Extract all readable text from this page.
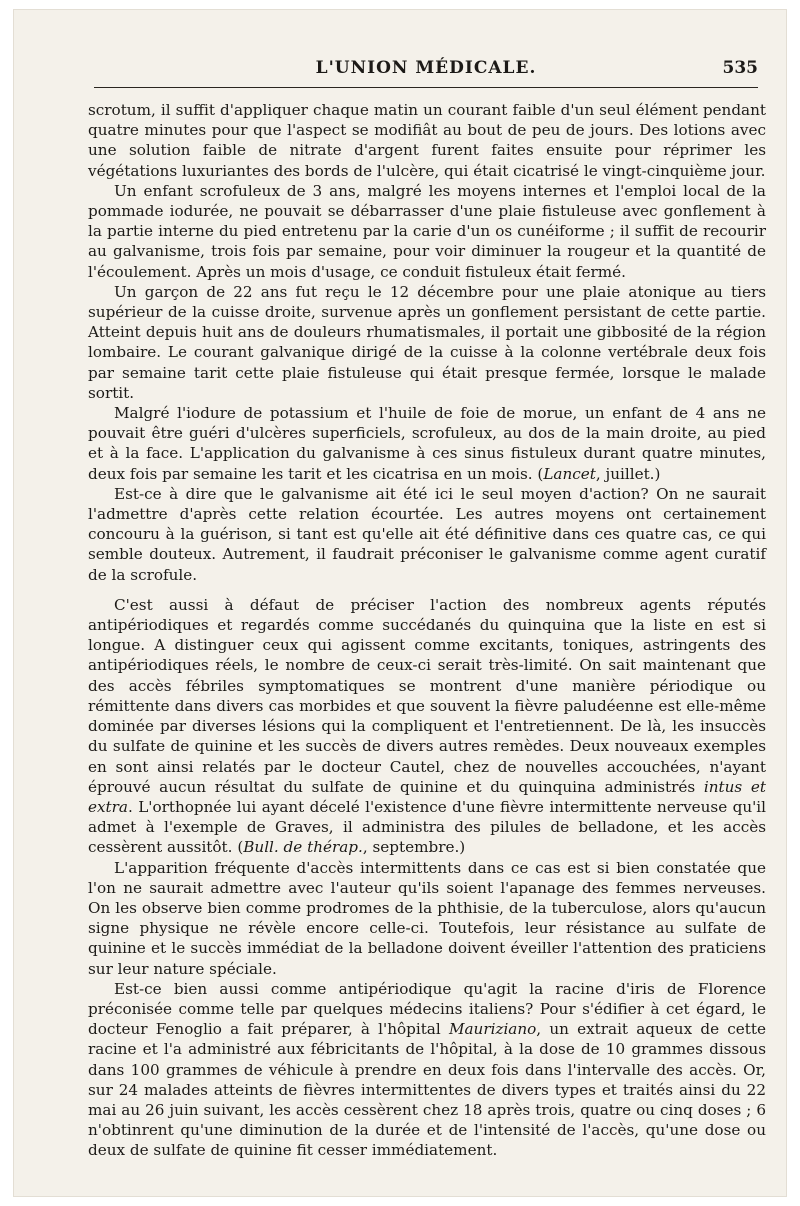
L'UNION MÉDICALE.	535

scrotum, il suffit d'appliquer chaque matin un courant faible d'un seul élément pendant quatre minutes pour que l'aspect se modifiât au bout de peu de jours. Des lotions avec une solution faible de nitrate d'argent furent faites ensuite pour réprimer les végétations luxuriantes des bords de l'ulcère, qui était cicatrisé le vingt-cinquième jour.

Un enfant scrofuleux de 3 ans, malgré les moyens internes et l'emploi local de la pommade iodurée, ne pouvait se débarrasser d'une plaie fistuleuse avec gonflement à la partie interne du pied entretenu par la carie d'un os cunéiforme ; il suffit de recourir au galvanisme, trois fois par semaine, pour voir diminuer la rougeur et la quantité de l'écoulement. Après un mois d'usage, ce conduit fistuleux était fermé.

Un garçon de 22 ans fut reçu le 12 décembre pour une plaie atonique au tiers supérieur de la cuisse droite, survenue après un gonflement persistant de cette partie. Atteint depuis huit ans de douleurs rhumatismales, il portait une gibbosité de la région lombaire. Le courant galvanique dirigé de la cuisse à la colonne vertébrale deux fois par semaine tarit cette plaie fistuleuse qui était presque fermée, lorsque le malade sortit.

Malgré l'iodure de potassium et l'huile de foie de morue, un enfant de 4 ans ne pouvait être guéri d'ulcères superficiels, scrofuleux, au dos de la main droite, au pied et à la face. L'application du galvanisme à ces sinus fistuleux durant quatre minutes, deux fois par semaine les tarit et les cicatrisa en un mois. (Lancet, juillet.)

Est-ce à dire que le galvanisme ait été ici le seul moyen d'action? On ne saurait l'admettre d'après cette relation écourtée. Les autres moyens ont certainement concouru à la guérison, si tant est qu'elle ait été définitive dans ces quatre cas, ce qui semble douteux. Autrement, il faudrait préconiser le galvanisme comme agent curatif de la scrofule.

C'est aussi à défaut de préciser l'action des nombreux agents réputés antipériodiques et regardés comme succédanés du quinquina que la liste en est si longue. A distinguer ceux qui agissent comme excitants, toniques, astringents des antipériodiques réels, le nombre de ceux-ci serait très-limité. On sait maintenant que des accès fébriles symptomatiques se montrent d'une manière périodique ou rémittente dans divers cas morbides et que souvent la fièvre paludéenne est elle-même dominée par diverses lésions qui la compliquent et l'entretiennent. De là, les insuccès du sulfate de quinine et les succès de divers autres remèdes. Deux nouveaux exemples en sont ainsi relatés par le docteur Cautel, chez de nouvelles accouchées, n'ayant éprouvé aucun résultat du sulfate de quinine et du quinquina administrés intus et extra. L'orthopnée lui ayant décelé l'existence d'une fièvre intermittente nerveuse qu'il admet à l'exemple de Graves, il administra des pilules de belladone, et les accès cessèrent aussitôt. (Bull. de thérap., septembre.)

L'apparition fréquente d'accès intermittents dans ce cas est si bien constatée que l'on ne saurait admettre avec l'auteur qu'ils soient l'apanage des femmes nerveuses. On les observe bien comme prodromes de la phthisie, de la tuberculose, alors qu'aucun signe physique ne révèle encore celle-ci. Toutefois, leur résistance au sulfate de quinine et le succès immédiat de la belladone doivent éveiller l'attention des praticiens sur leur nature spéciale.

Est-ce bien aussi comme antipériodique qu'agit la racine d'iris de Florence préconisée comme telle par quelques médecins italiens? Pour s'édifier à cet égard, le docteur Fenoglio a fait préparer, à l'hôpital Mauriziano, un extrait aqueux de cette racine et l'a administré aux fébricitants de l'hôpital, à la dose de 10 grammes dissous dans 100 grammes de véhicule à prendre en deux fois dans l'intervalle des accès. Or, sur 24 malades atteints de fièvres intermittentes de divers types et traités ainsi du 22 mai au 26 juin suivant, les accès cessèrent chez 18 après trois, quatre ou cinq doses ; 6 n'obtinrent qu'une diminution de la durée et de l'intensité de l'accès, qu'une dose ou deux de sulfate de quinine fit cesser immédiatement.
